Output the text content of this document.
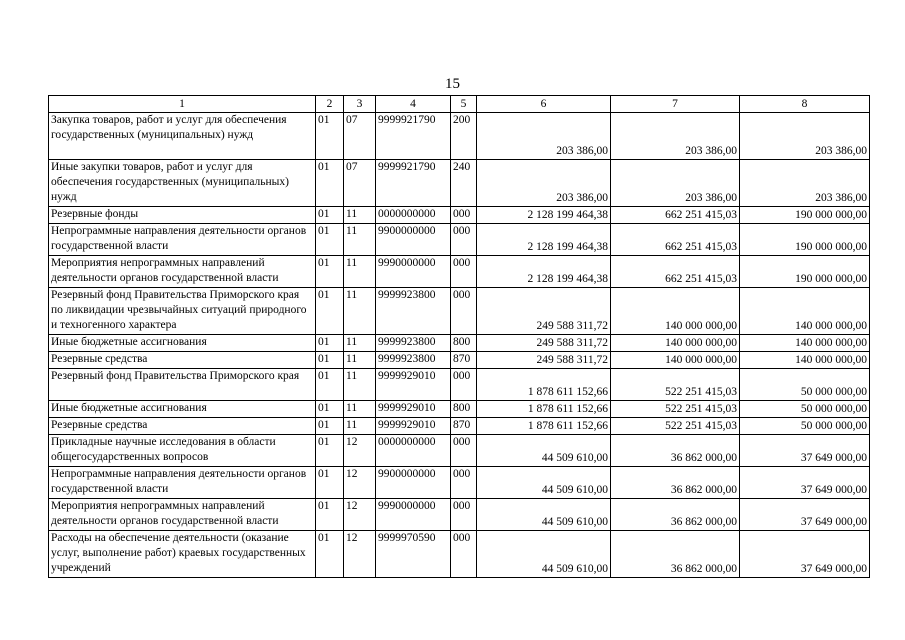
15
1	2	3	4	5	6	7	8
Закупка товаров, работ и услуг для обеспечения государственных (муниципальных) нужд	01	07	9999921790	200	203 386,00	203 386,00	203 386,00
Иные закупки товаров, работ и услуг для обеспечения государственных (муниципальных) нужд	01	07	9999921790	240	203 386,00	203 386,00	203 386,00
Резервные фонды	01	11	0000000000	000	2 128 199 464,38	662 251 415,03	190 000 000,00
Непрограммные направления деятельности органов государственной власти	01	11	9900000000	000	2 128 199 464,38	662 251 415,03	190 000 000,00
Мероприятия непрограммных направлений деятельности органов государственной власти	01	11	9990000000	000	2 128 199 464,38	662 251 415,03	190 000 000,00
Резервный фонд Правительства Приморского края по ликвидации чрезвычайных ситуаций природного и техногенного характера	01	11	9999923800	000	249 588 311,72	140 000 000,00	140 000 000,00
Иные бюджетные ассигнования	01	11	9999923800	800	249 588 311,72	140 000 000,00	140 000 000,00
Резервные средства	01	11	9999923800	870	249 588 311,72	140 000 000,00	140 000 000,00
Резервный фонд Правительства Приморского края	01	11	9999929010	000	1 878 611 152,66	522 251 415,03	50 000 000,00
Иные бюджетные ассигнования	01	11	9999929010	800	1 878 611 152,66	522 251 415,03	50 000 000,00
Резервные средства	01	11	9999929010	870	1 878 611 152,66	522 251 415,03	50 000 000,00
Прикладные научные исследования в области общегосударственных вопросов	01	12	0000000000	000	44 509 610,00	36 862 000,00	37 649 000,00
Непрограммные направления деятельности органов государственной власти	01	12	9900000000	000	44 509 610,00	36 862 000,00	37 649 000,00
Мероприятия непрограммных направлений деятельности органов государственной власти	01	12	9990000000	000	44 509 610,00	36 862 000,00	37 649 000,00
Расходы на обеспечение деятельности (оказание услуг, выполнение работ) краевых государственных учреждений	01	12	9999970590	000	44 509 610,00	36 862 000,00	37 649 000,00
